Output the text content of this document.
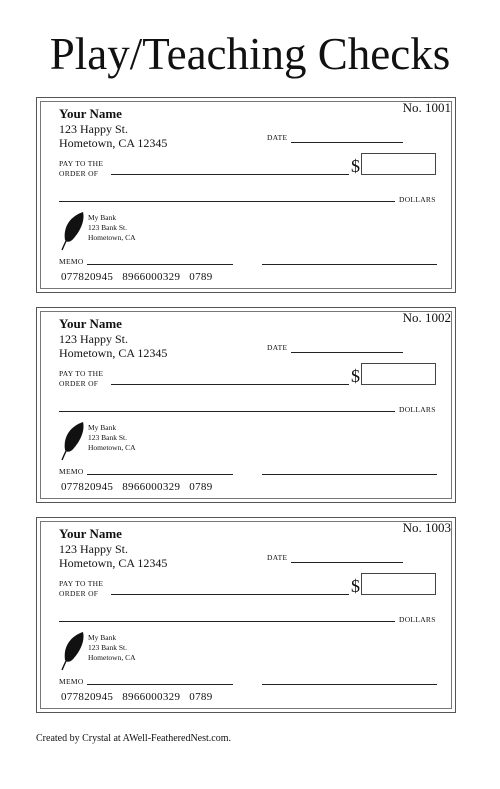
Play/Teaching Checks
Your Name
123 Happy St.
Hometown, CA 12345
No. 1001
DATE
PAY TO THE
ORDER OF	$
DOLLARS
My Bank
123 Bank St.
Hometown, CA
MEMO
077820945 8966000329 0789
Your Name
123 Happy St.
Hometown, CA 12345
No. 1002
DATE
PAY TO THE
ORDER OF	$
DOLLARS
My Bank
123 Bank St.
Hometown, CA
MEMO
077820945 8966000329 0789
Your Name
123 Happy St.
Hometown, CA 12345
No. 1003
DATE
PAY TO THE
ORDER OF	$
DOLLARS
My Bank
123 Bank St.
Hometown, CA
MEMO
077820945 8966000329 0789
Created by Crystal at AWell-FeatheredNest.com.
